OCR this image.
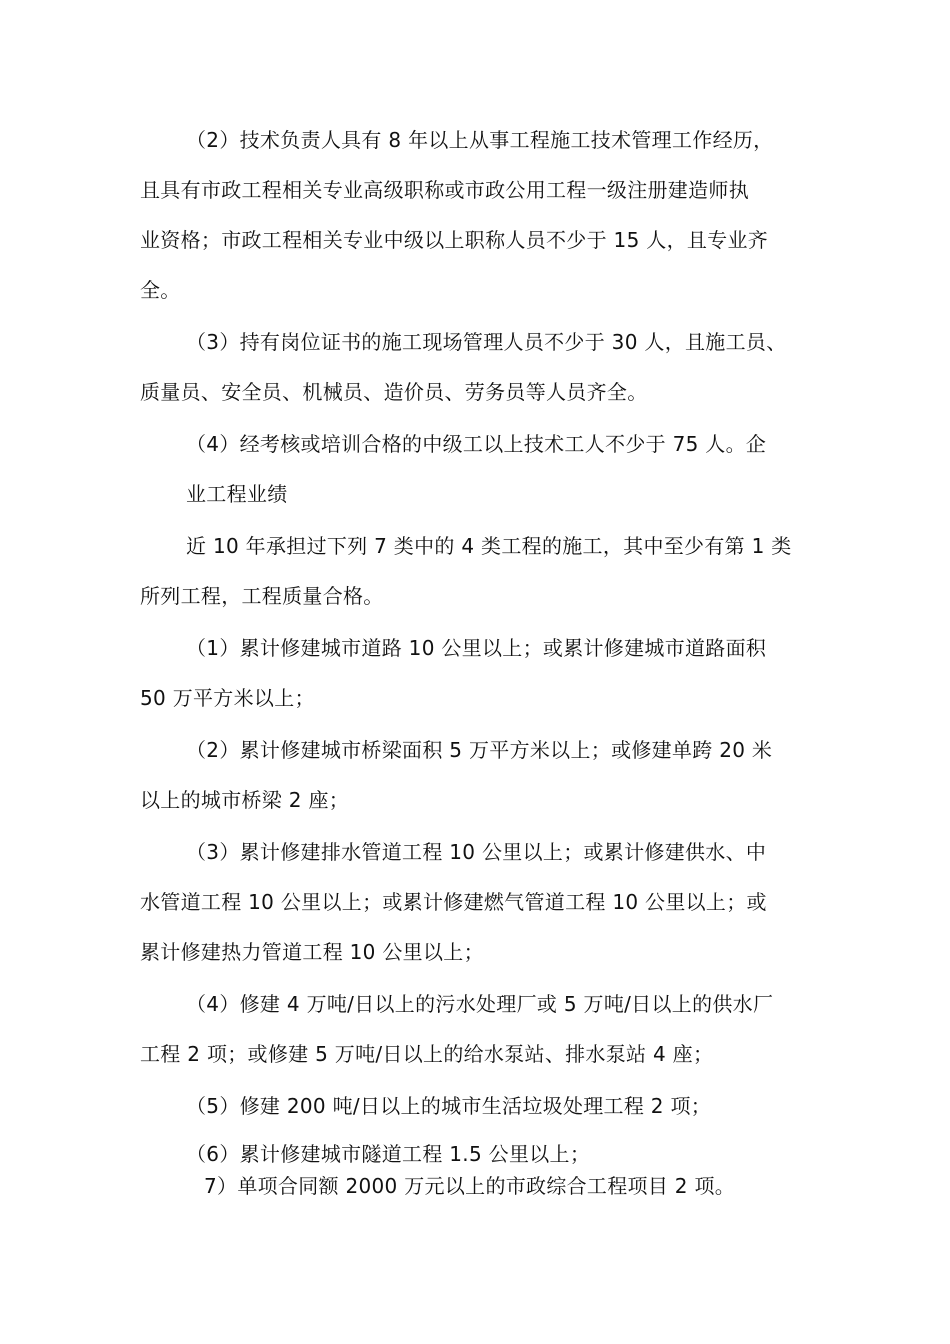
（2）技术负责人具有 8 年以上从事工程施工技术管理工作经历，
且具有市政工程相关专业高级职称或市政公用工程一级注册建造师执
业资格；市政工程相关专业中级以上职称人员不少于 15 人，且专业齐
全。
（3）持有岗位证书的施工现场管理人员不少于 30 人，且施工员、
质量员、安全员、机械员、造价员、劳务员等人员齐全。
（4）经考核或培训合格的中级工以上技术工人不少于 75 人。企
业工程业绩
近 10 年承担过下列 7 类中的 4 类工程的施工，其中至少有第 1 类
所列工程，工程质量合格。
（1）累计修建城市道路 10 公里以上；或累计修建城市道路面积
50 万平方米以上；
（2）累计修建城市桥梁面积 5 万平方米以上；或修建单跨 20 米
以上的城市桥梁 2 座；
（3）累计修建排水管道工程 10 公里以上；或累计修建供水、中
水管道工程 10 公里以上；或累计修建燃气管道工程 10 公里以上；或
累计修建热力管道工程 10 公里以上；
（4）修建 4 万吨/日以上的污水处理厂或 5 万吨/日以上的供水厂
工程 2 项；或修建 5 万吨/日以上的给水泵站、排水泵站 4 座；
（5）修建 200 吨/日以上的城市生活垃圾处理工程 2 项；
（6）累计修建城市隧道工程 1.5 公里以上；
7）单项合同额 2000 万元以上的市政综合工程项目 2 项。
